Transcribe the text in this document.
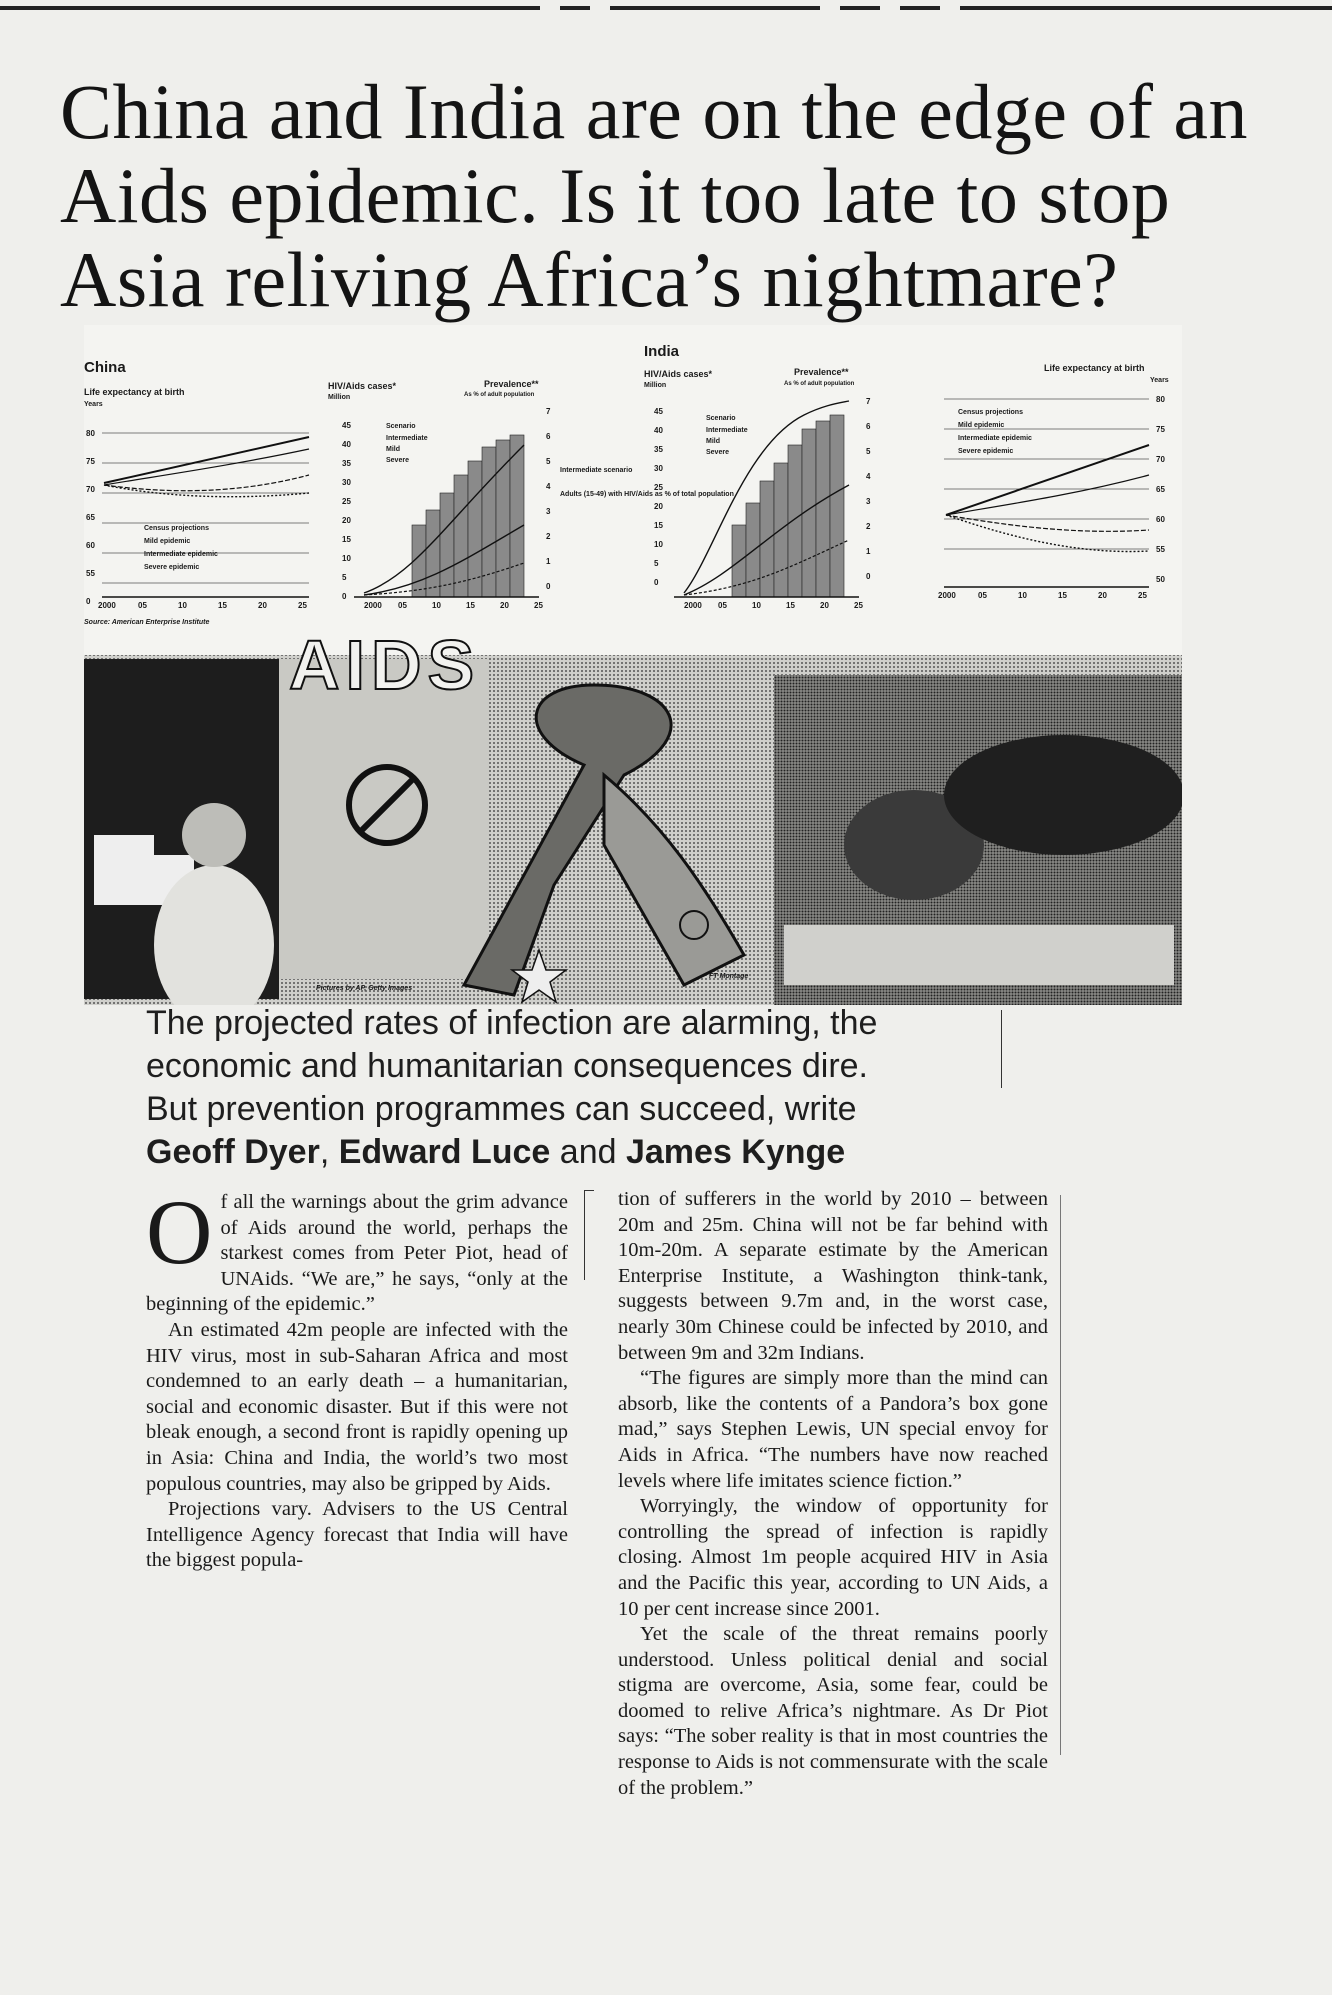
China and India are on the edge of an Aids epidemic. Is it too late to stop Asia reliving Africa’s nightmare?
China
Life expectancy at birth
Years
Source: American Enterprise Institute
80
75
70
65
60
55
0 2000	05	10	15	20	25
Census projections
Mild epidemic
Intermediate epidemic
Severe epidemic
HIV/Aids cases*
Million
Prevalence**
As % of adult population
45
40
35
30
25
20
15
10
5
0
7
6
5
4
3
2
1
0
2000 05	10	15	20	25
Intermediate
Mild
Severe
Intermediate scenario
Adults (15-49) with HIV/Aids as % of total population
Scenario
India
HIV/Aids cases*
Million
Prevalence**
As % of adult population
45
40
35
30
25
20
15
10
5
0
7
6
5
4
3
2
1
0
2000 05	10	15	20	25
Intermediate
Mild
Severe
Scenario
Life expectancy at birth
Years
80
75
70
65
60
55
50
2000	05	10	15	20	25
Census projections
Mild epidemic
Intermediate epidemic
Severe epidemic
AIDS
Pictures by AP, Getty Images
FT Montage

The projected rates of infection are alarming, the

economic and humanitarian consequences dire.

But prevention programmes can succeed, write

Geoff Dyer, Edward Luce and James Kynge

Of all the warnings about the grim advance of Aids around the world, perhaps the starkest comes from Peter Piot, head of UNAids. “We are,” he says, “only at the beginning of the epidemic.”

An estimated 42m people are infected with the HIV virus, most in sub-Saharan Africa and most condemned to an early death – a humanitarian, social and economic disaster. But if this were not bleak enough, a second front is rapidly opening up in Asia: China and India, the world’s two most populous countries, may also be gripped by Aids.

Projections vary. Advisers to the US Central Intelligence Agency forecast that India will have the biggest popula-

tion of sufferers in the world by 2010 – between 20m and 25m. China will not be far behind with 10m-20m. A separate estimate by the American Enterprise Institute, a Washington think-tank, suggests between 9.7m and, in the worst case, nearly 30m Chinese could be infected by 2010, and between 9m and 32m Indians.

“The figures are simply more than the mind can absorb, like the contents of a Pandora’s box gone mad,” says Stephen Lewis, UN special envoy for Aids in Africa. “The numbers have now reached levels where life imitates science fiction.”

Worryingly, the window of opportunity for controlling the spread of infection is rapidly closing. Almost 1m people acquired HIV in Asia and the Pacific this year, according to UN Aids, a 10 per cent increase since 2001.

Yet the scale of the threat remains poorly understood. Unless political denial and social stigma are overcome, Asia, some fear, could be doomed to relive Africa’s nightmare. As Dr Piot says: “The sober reality is that in most countries the response to Aids is not commensurate with the scale of the problem.”
